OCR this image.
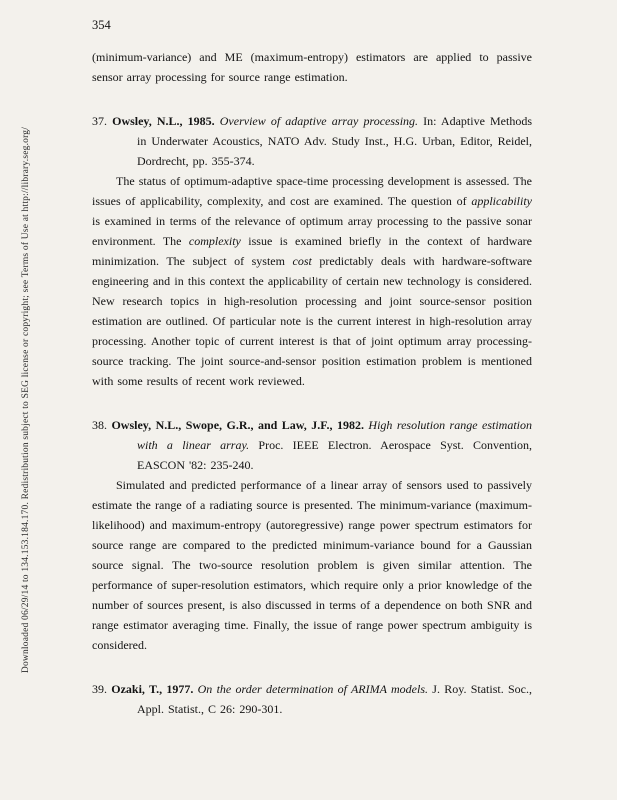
Downloaded 06/29/14 to 134.153.184.170. Redistribution subject to SEG license or copyright; see Terms of Use at http://library.seg.org/
354

(minimum-variance) and ME (maximum-entropy) estimators are applied to passive sensor array processing for source range estimation.

37. Owsley, N.L., 1985. Overview of adaptive array processing. In: Adaptive Methods in Underwater Acoustics, NATO Adv. Study Inst., H.G. Urban, Editor, Reidel, Dordrecht, pp. 355-374.

The status of optimum-adaptive space-time processing development is assessed. The issues of applicability, complexity, and cost are examined. The question of applicability is examined in terms of the relevance of optimum array processing to the passive sonar environment. The complexity issue is examined briefly in the context of hardware minimization. The subject of system cost predictably deals with hardware-software engineering and in this context the applicability of certain new technology is considered. New research topics in high-resolution processing and joint source-sensor position estimation are outlined. Of particular note is the current interest in high-resolution array processing. Another topic of current interest is that of joint optimum array processing-source tracking. The joint source-and-sensor position estimation problem is mentioned with some results of recent work reviewed.

38. Owsley, N.L., Swope, G.R., and Law, J.F., 1982. High resolution range estimation with a linear array. Proc. IEEE Electron. Aerospace Syst. Convention, EASCON '82: 235-240.

Simulated and predicted performance of a linear array of sensors used to passively estimate the range of a radiating source is presented. The minimum-variance (maximum-likelihood) and maximum-entropy (autoregressive) range power spectrum estimators for source range are compared to the predicted minimum-variance bound for a Gaussian source signal. The two-source resolution problem is given similar attention. The performance of super-resolution estimators, which require only a prior knowledge of the number of sources present, is also discussed in terms of a dependence on both SNR and range estimator averaging time. Finally, the issue of range power spectrum ambiguity is considered.

39. Ozaki, T., 1977. On the order determination of ARIMA models. J. Roy. Statist. Soc., Appl. Statist., C 26: 290-301.
